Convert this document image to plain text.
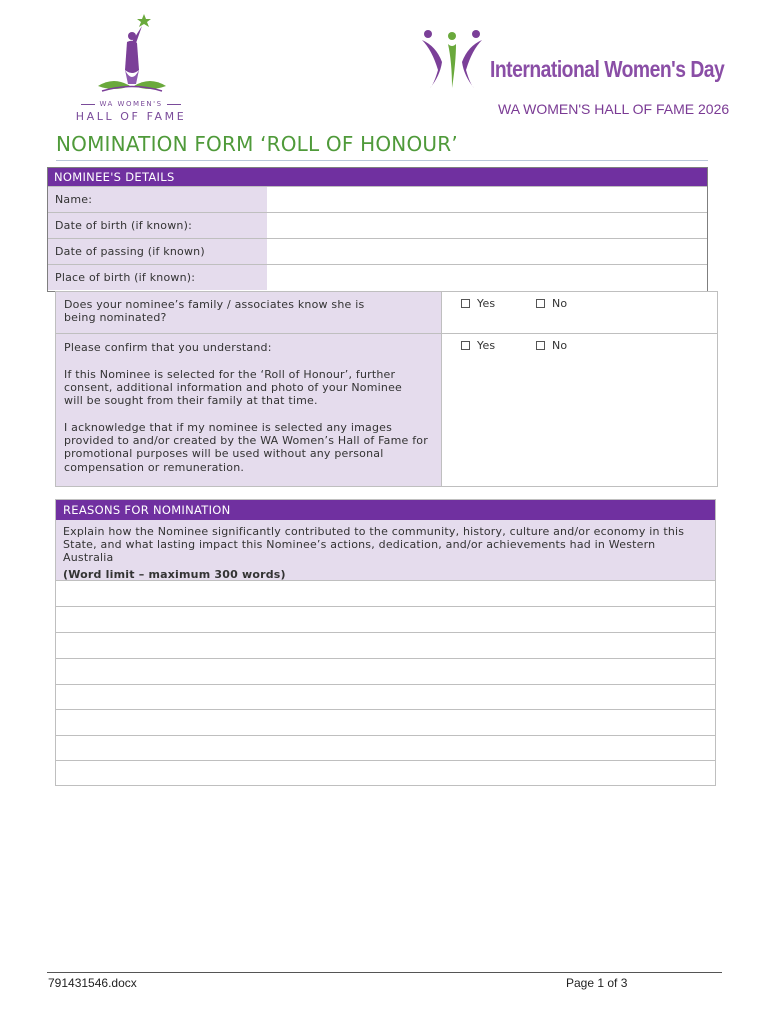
WA WOMEN'S
HALL OF FAME
International Women's Day
WA WOMEN'S HALL OF FAME 2026
NOMINATION FORM ‘ROLL OF HONOUR’
NOMINEE'S DETAILS
Name:
Date of birth (if known):
Date of passing (if known)
Place of birth (if known):
Does your nominee’s family / associates know she is being nominated?
Yes	No
Please confirm that you understand:
If this Nominee is selected for the ‘Roll of Honour’, further consent, additional information and photo of your Nominee will be sought from their family at that time.
I acknowledge that if my nominee is selected any images provided to and/or created by the WA Women’s Hall of Fame for promotional purposes will be used without any personal compensation or remuneration.
Yes	No
REASONS FOR NOMINATION
Explain how the Nominee significantly contributed to the community, history, culture and/or economy in this State, and what lasting impact this Nominee’s actions, dedication, and/or achievements had in Western Australia
(Word limit – maximum 300 words)
791431546.docx	Page 1 of 3
